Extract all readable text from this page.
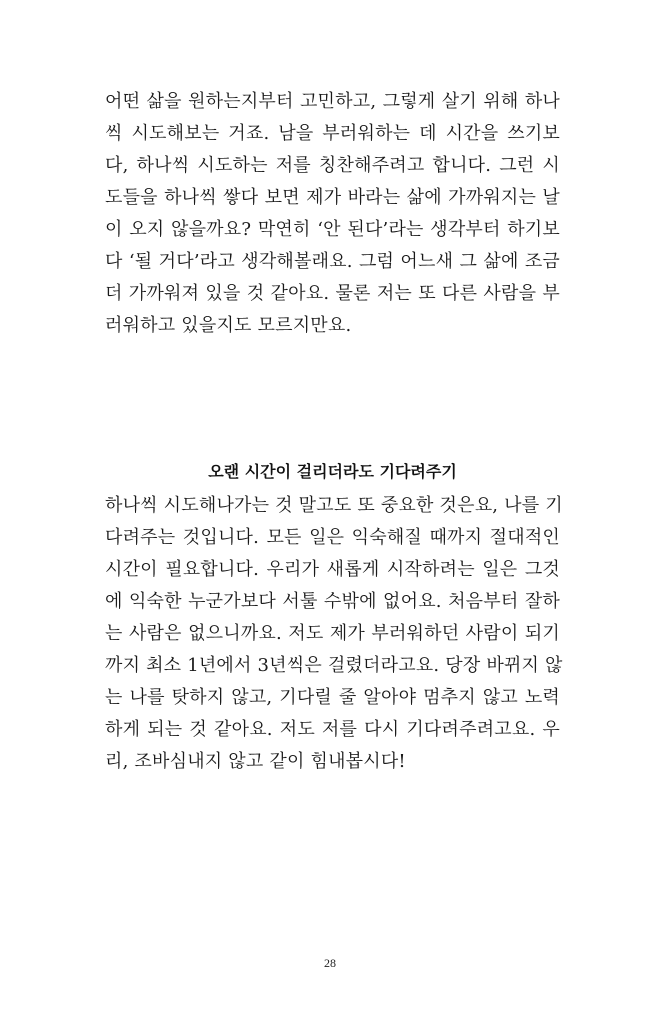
어떤 삶을 원하는지부터 고민하고, 그렇게 살기 위해 하나
씩 시도해보는 거죠. 남을 부러워하는 데 시간을 쓰기보
다, 하나씩 시도하는 저를 칭찬해주려고 합니다. 그런 시
도들을 하나씩 쌓다 보면 제가 바라는 삶에 가까워지는 날
이 오지 않을까요? 막연히 ‘안 된다’라는 생각부터 하기보
다 ‘될 거다’라고 생각해볼래요. 그럼 어느새 그 삶에 조금
더 가까워져 있을 것 같아요. 물론 저는 또 다른 사람을 부
러워하고 있을지도 모르지만요.
오랜 시간이 걸리더라도 기다려주기
하나씩 시도해나가는 것 말고도 또 중요한 것은요, 나를 기
다려주는 것입니다. 모든 일은 익숙해질 때까지 절대적인
시간이 필요합니다. 우리가 새롭게 시작하려는 일은 그것
에 익숙한 누군가보다 서툴 수밖에 없어요. 처음부터 잘하
는 사람은 없으니까요. 저도 제가 부러워하던 사람이 되기
까지 최소 1년에서 3년씩은 걸렸더라고요. 당장 바뀌지 않
는 나를 탓하지 않고, 기다릴 줄 알아야 멈추지 않고 노력
하게 되는 것 같아요. 저도 저를 다시 기다려주려고요. 우
리, 조바심내지 않고 같이 힘내봅시다!
28
